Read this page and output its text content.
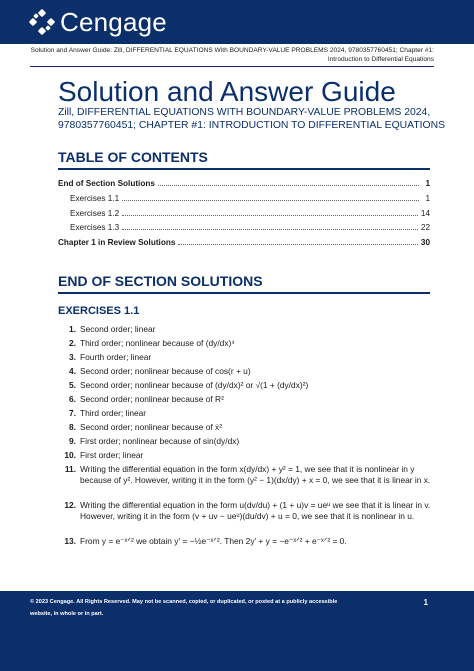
Cengage
Solution and Answer Guide: Zill, DIFFERENTIAL EQUATIONS With BOUNDARY-VALUE PROBLEMS 2024, 9780357760451; Chapter #1: Introduction to Differential Equations
Solution and Answer Guide
Zill, DIFFERENTIAL EQUATIONS WITH BOUNDARY-VALUE PROBLEMS 2024, 9780357760451; CHAPTER #1: INTRODUCTION TO DIFFERENTIAL EQUATIONS
TABLE OF CONTENTS
End of Section Solutions	1
Exercises 1.1	1
Exercises 1.2	14
Exercises 1.3	22
Chapter 1 in Review Solutions	30
END OF SECTION SOLUTIONS
EXERCISES 1.1
1. Second order; linear
2. Third order; nonlinear because of (dy/dx)⁴
3. Fourth order; linear
4. Second order; nonlinear because of cos(r + u)
5. Second order; nonlinear because of (dy/dx)² or √(1 + (dy/dx)²)
6. Second order; nonlinear because of R²
7. Third order; linear
8. Second order; nonlinear because of ẋ²
9. First order; nonlinear because of sin(dy/dx)
10. First order; linear
11. Writing the differential equation in the form x(dy/dx) + y² = 1, we see that it is nonlinear in y because of y². However, writing it in the form (y² − 1)(dx/dy) + x = 0, we see that it is linear in x.
12. Writing the differential equation in the form u(dv/du) + (1 + u)v = ueᵘ we see that it is linear in v. However, writing it in the form (v + uv − ueᵘ)(du/dv) + u = 0, we see that it is nonlinear in u.
13. From y = e⁻ˣᐟ² we obtain y′ = −½e⁻ˣᐟ². Then 2y′ + y = −e⁻ˣᐟ² + e⁻ˣᐟ² = 0.
© 2023 Cengage. All Rights Reserved. May not be scanned, copied, or duplicated, or posted at a publicly accessible website, in whole or in part.
1
